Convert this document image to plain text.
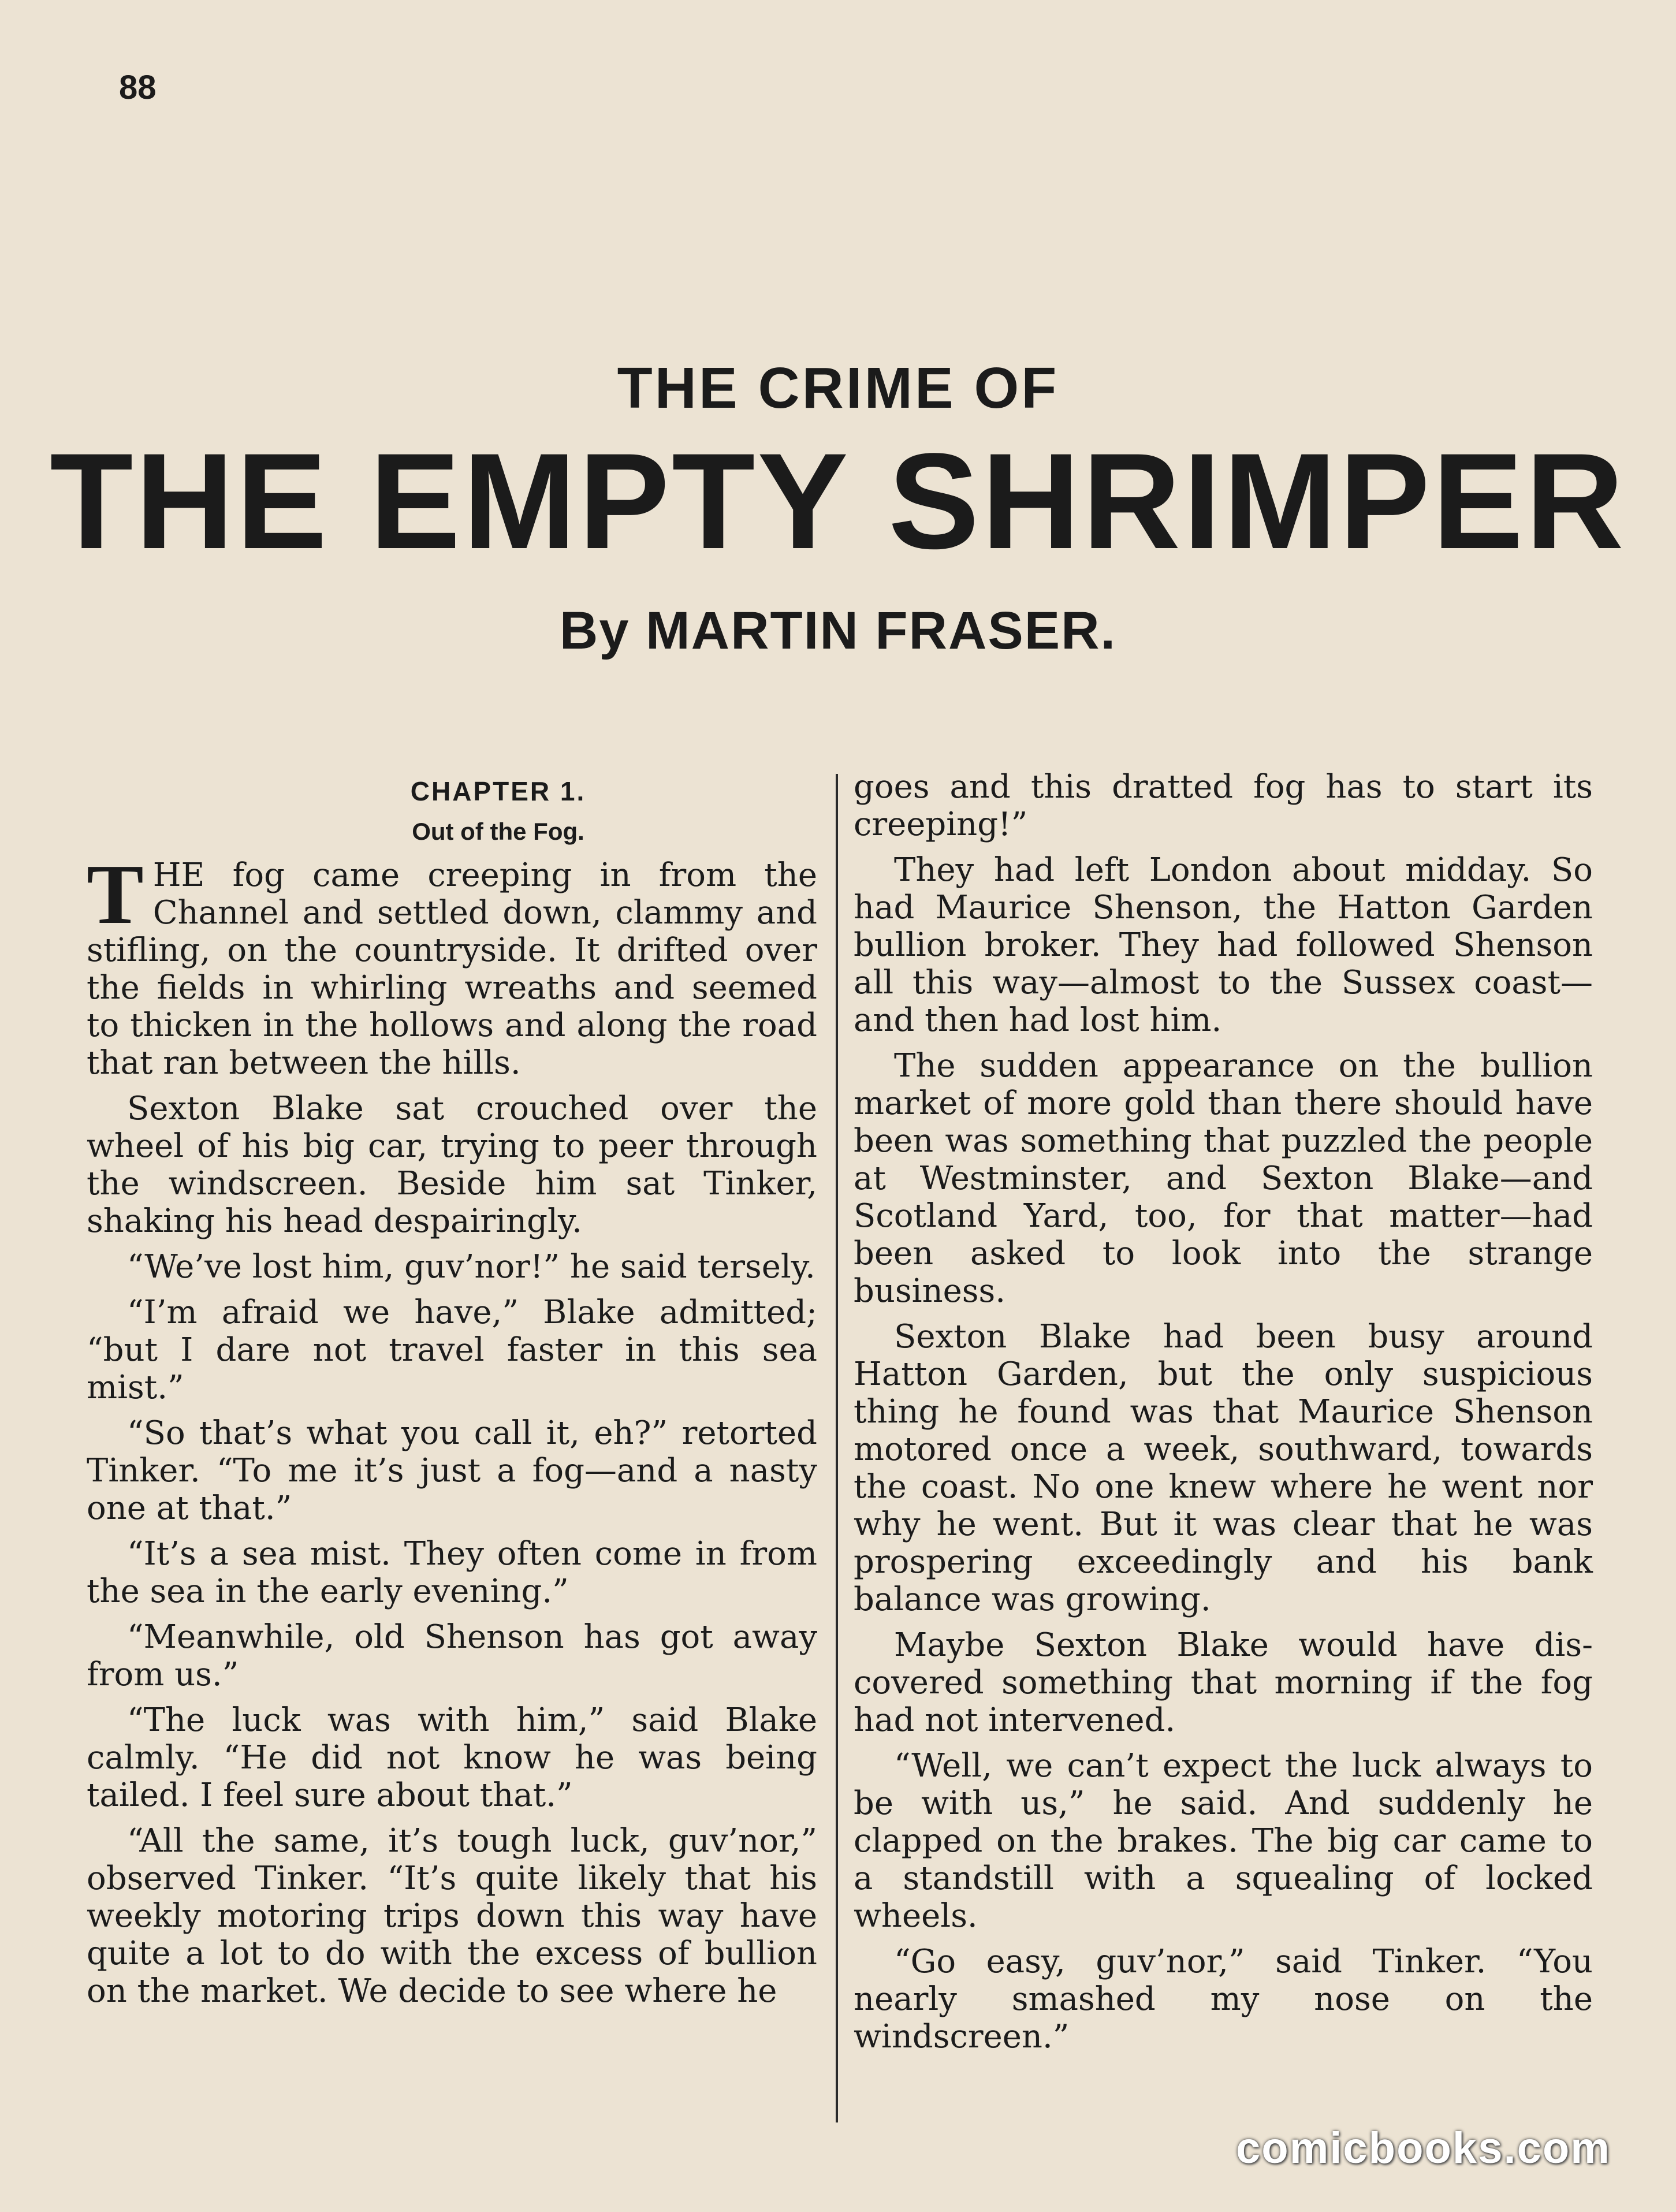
88
THE CRIME OF
THE EMPTY SHRIMPER
By MARTIN FRASER.
CHAPTER 1.
Out of the Fog.

THE fog came creeping in from the Channel and settled down, clammy and stifling, on the countryside. It drifted over the fields in whirling wreaths and seemed to thicken in the hollows and along the road that ran between the hills.

Sexton Blake sat crouched over the wheel of his big car, trying to peer through the windscreen. Beside him sat Tinker, shaking his head despairingly.

“We’ve lost him, guv’nor!” he said tersely.

“I’m afraid we have,” Blake admitted; “but I dare not travel faster in this sea mist.”

“So that’s what you call it, eh?” retorted Tinker. “To me it’s just a fog—and a nasty one at that.”

“It’s a sea mist. They often come in from the sea in the early evening.”

“Meanwhile, old Shenson has got away from us.”

“The luck was with him,” said Blake calmly. “He did not know he was being tailed. I feel sure about that.”

“All the same, it’s tough luck, guv’nor,” observed Tinker. “It’s quite likely that his weekly motoring trips down this way have quite a lot to do with the excess of bullion on the market. We decide to see where he

goes and this dratted fog has to start its creeping!”

They had left London about midday. So had Maurice Shenson, the Hatton Garden bullion broker. They had followed Shenson all this way—almost to the Sussex coast—and then had lost him.

The sudden appearance on the bullion market of more gold than there should have been was something that puzzled the people at Westminster, and Sexton Blake—and Scotland Yard, too, for that matter—had been asked to look into the strange business.

Sexton Blake had been busy around Hatton Garden, but the only suspicious thing he found was that Maurice Shenson motored once a week, southward, towards the coast. No one knew where he went nor why he went. But it was clear that he was prospering exceedingly and his bank balance was growing.

Maybe Sexton Blake would have discovered something that morning if the fog had not intervened.

“Well, we can’t expect the luck always to be with us,” he said. And suddenly he clapped on the brakes. The big car came to a standstill with a squealing of locked wheels.

“Go easy, guv’nor,” said Tinker. “You nearly smashed my nose on the windscreen.”

comicbooks.com
